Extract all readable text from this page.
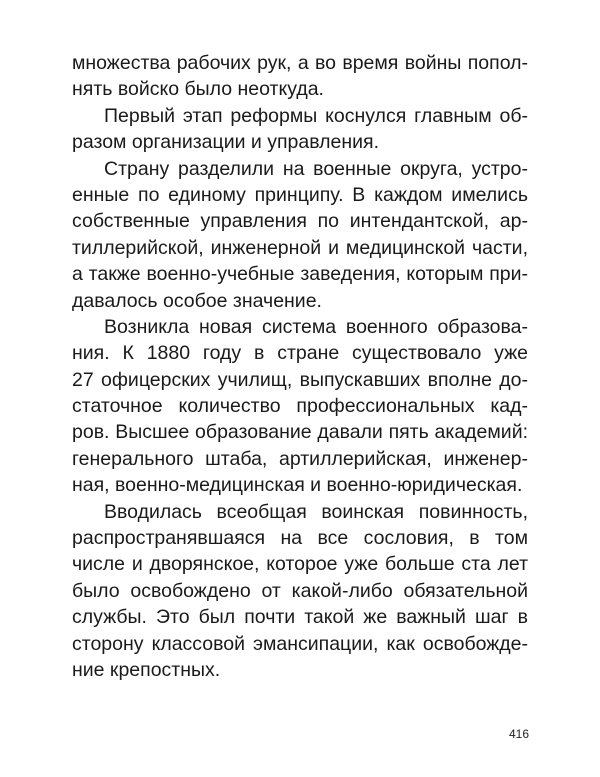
множества рабочих рук, а во время войны попол-
нять войско было неоткуда.
Первый этап реформы коснулся главным об-
разом организации и управления.
Страну разделили на военные округа, устро-
енные по единому принципу. В каждом имелись
собственные управления по интендантской, ар-
тиллерийской, инженерной и медицинской части,
а также военно-учебные заведения, которым при-
давалось особое значение.
Возникла новая система военного образова-
ния. К 1880 году в стране существовало уже
27 офицерских училищ, выпускавших вполне до-
статочное количество профессиональных кад-
ров. Высшее образование давали пять академий:
генерального штаба, артиллерийская, инженер-
ная, военно-медицинская и военно-юридическая.
Вводилась всеобщая воинская повинность,
распространявшаяся на все сословия, в том
числе и дворянское, которое уже больше ста лет
было освобождено от какой-либо обязательной
службы. Это был почти такой же важный шаг в
сторону классовой эмансипации, как освобожде-
ние крепостных.
416
